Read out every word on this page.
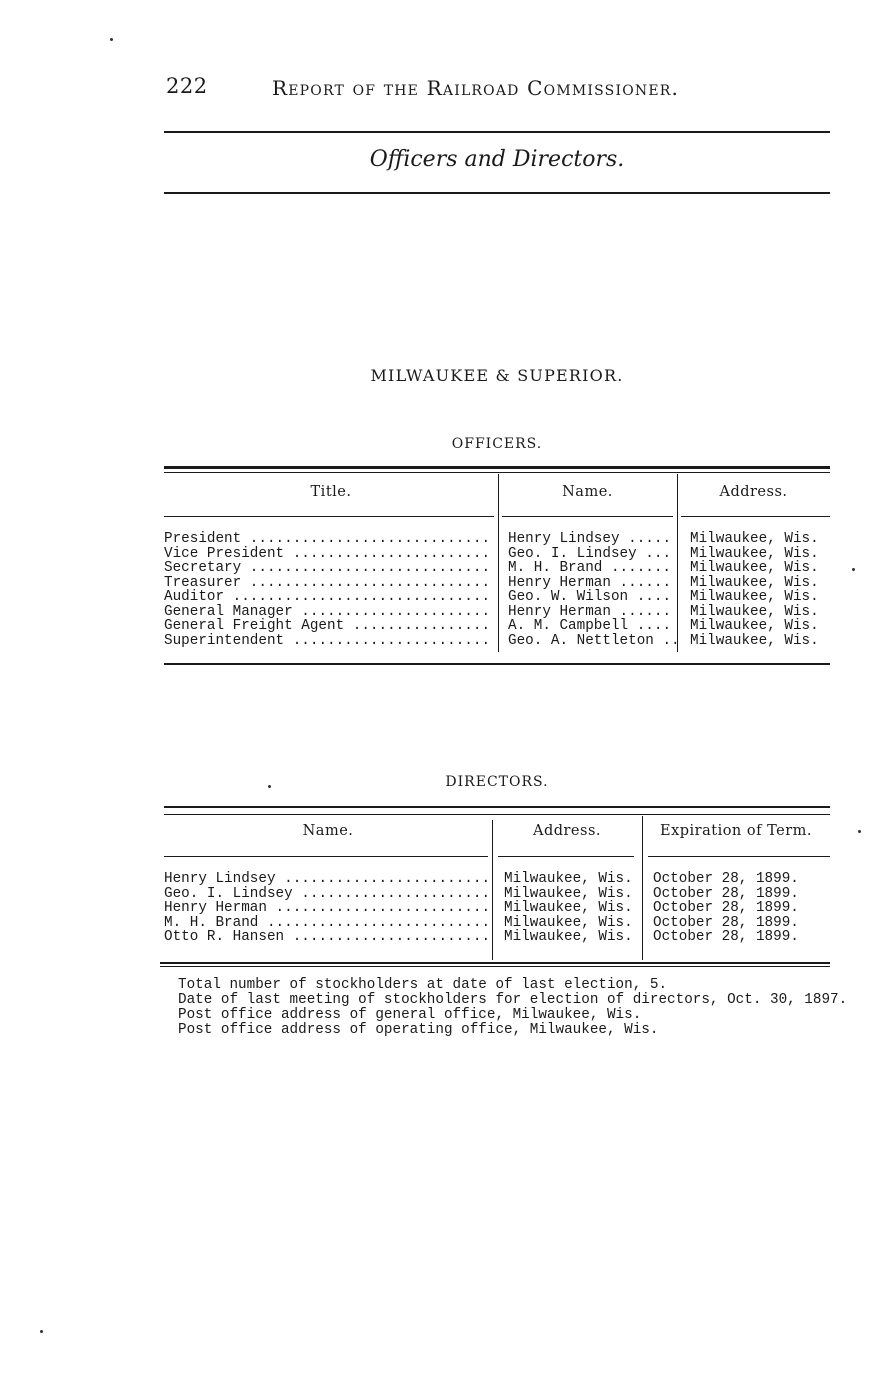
222	Report of the Railroad Commissioner.
Officers and Directors.
MILWAUKEE & SUPERIOR.
OFFICERS.
Title.	Name.	Address.
President ............................ Henry Lindsey ..... Milwaukee, Wis.
Vice President ....................... Geo. I. Lindsey ... Milwaukee, Wis.
Secretary ............................ M. H. Brand ....... Milwaukee, Wis.
Treasurer ............................ Henry Herman ...... Milwaukee, Wis.
Auditor .............................. Geo. W. Wilson .... Milwaukee, Wis.
General Manager ...................... Henry Herman ...... Milwaukee, Wis.
General Freight Agent ................ A. M. Campbell .... Milwaukee, Wis.
Superintendent ....................... Geo. A. Nettleton .. Milwaukee, Wis.
DIRECTORS.
Name.	Address.	Expiration of Term.
Henry Lindsey ........................ Milwaukee, Wis.	October 28, 1899.
Geo. I. Lindsey ...................... Milwaukee, Wis.	October 28, 1899.
Henry Herman ......................... Milwaukee, Wis.	October 28, 1899.
M. H. Brand .......................... Milwaukee, Wis.	October 28, 1899.
Otto R. Hansen ....................... Milwaukee, Wis.	October 28, 1899.
Total number of stockholders at date of last election, 5.
Date of last meeting of stockholders for election of directors, Oct. 30, 1897.
Post office address of general office, Milwaukee, Wis.
Post office address of operating office, Milwaukee, Wis.
